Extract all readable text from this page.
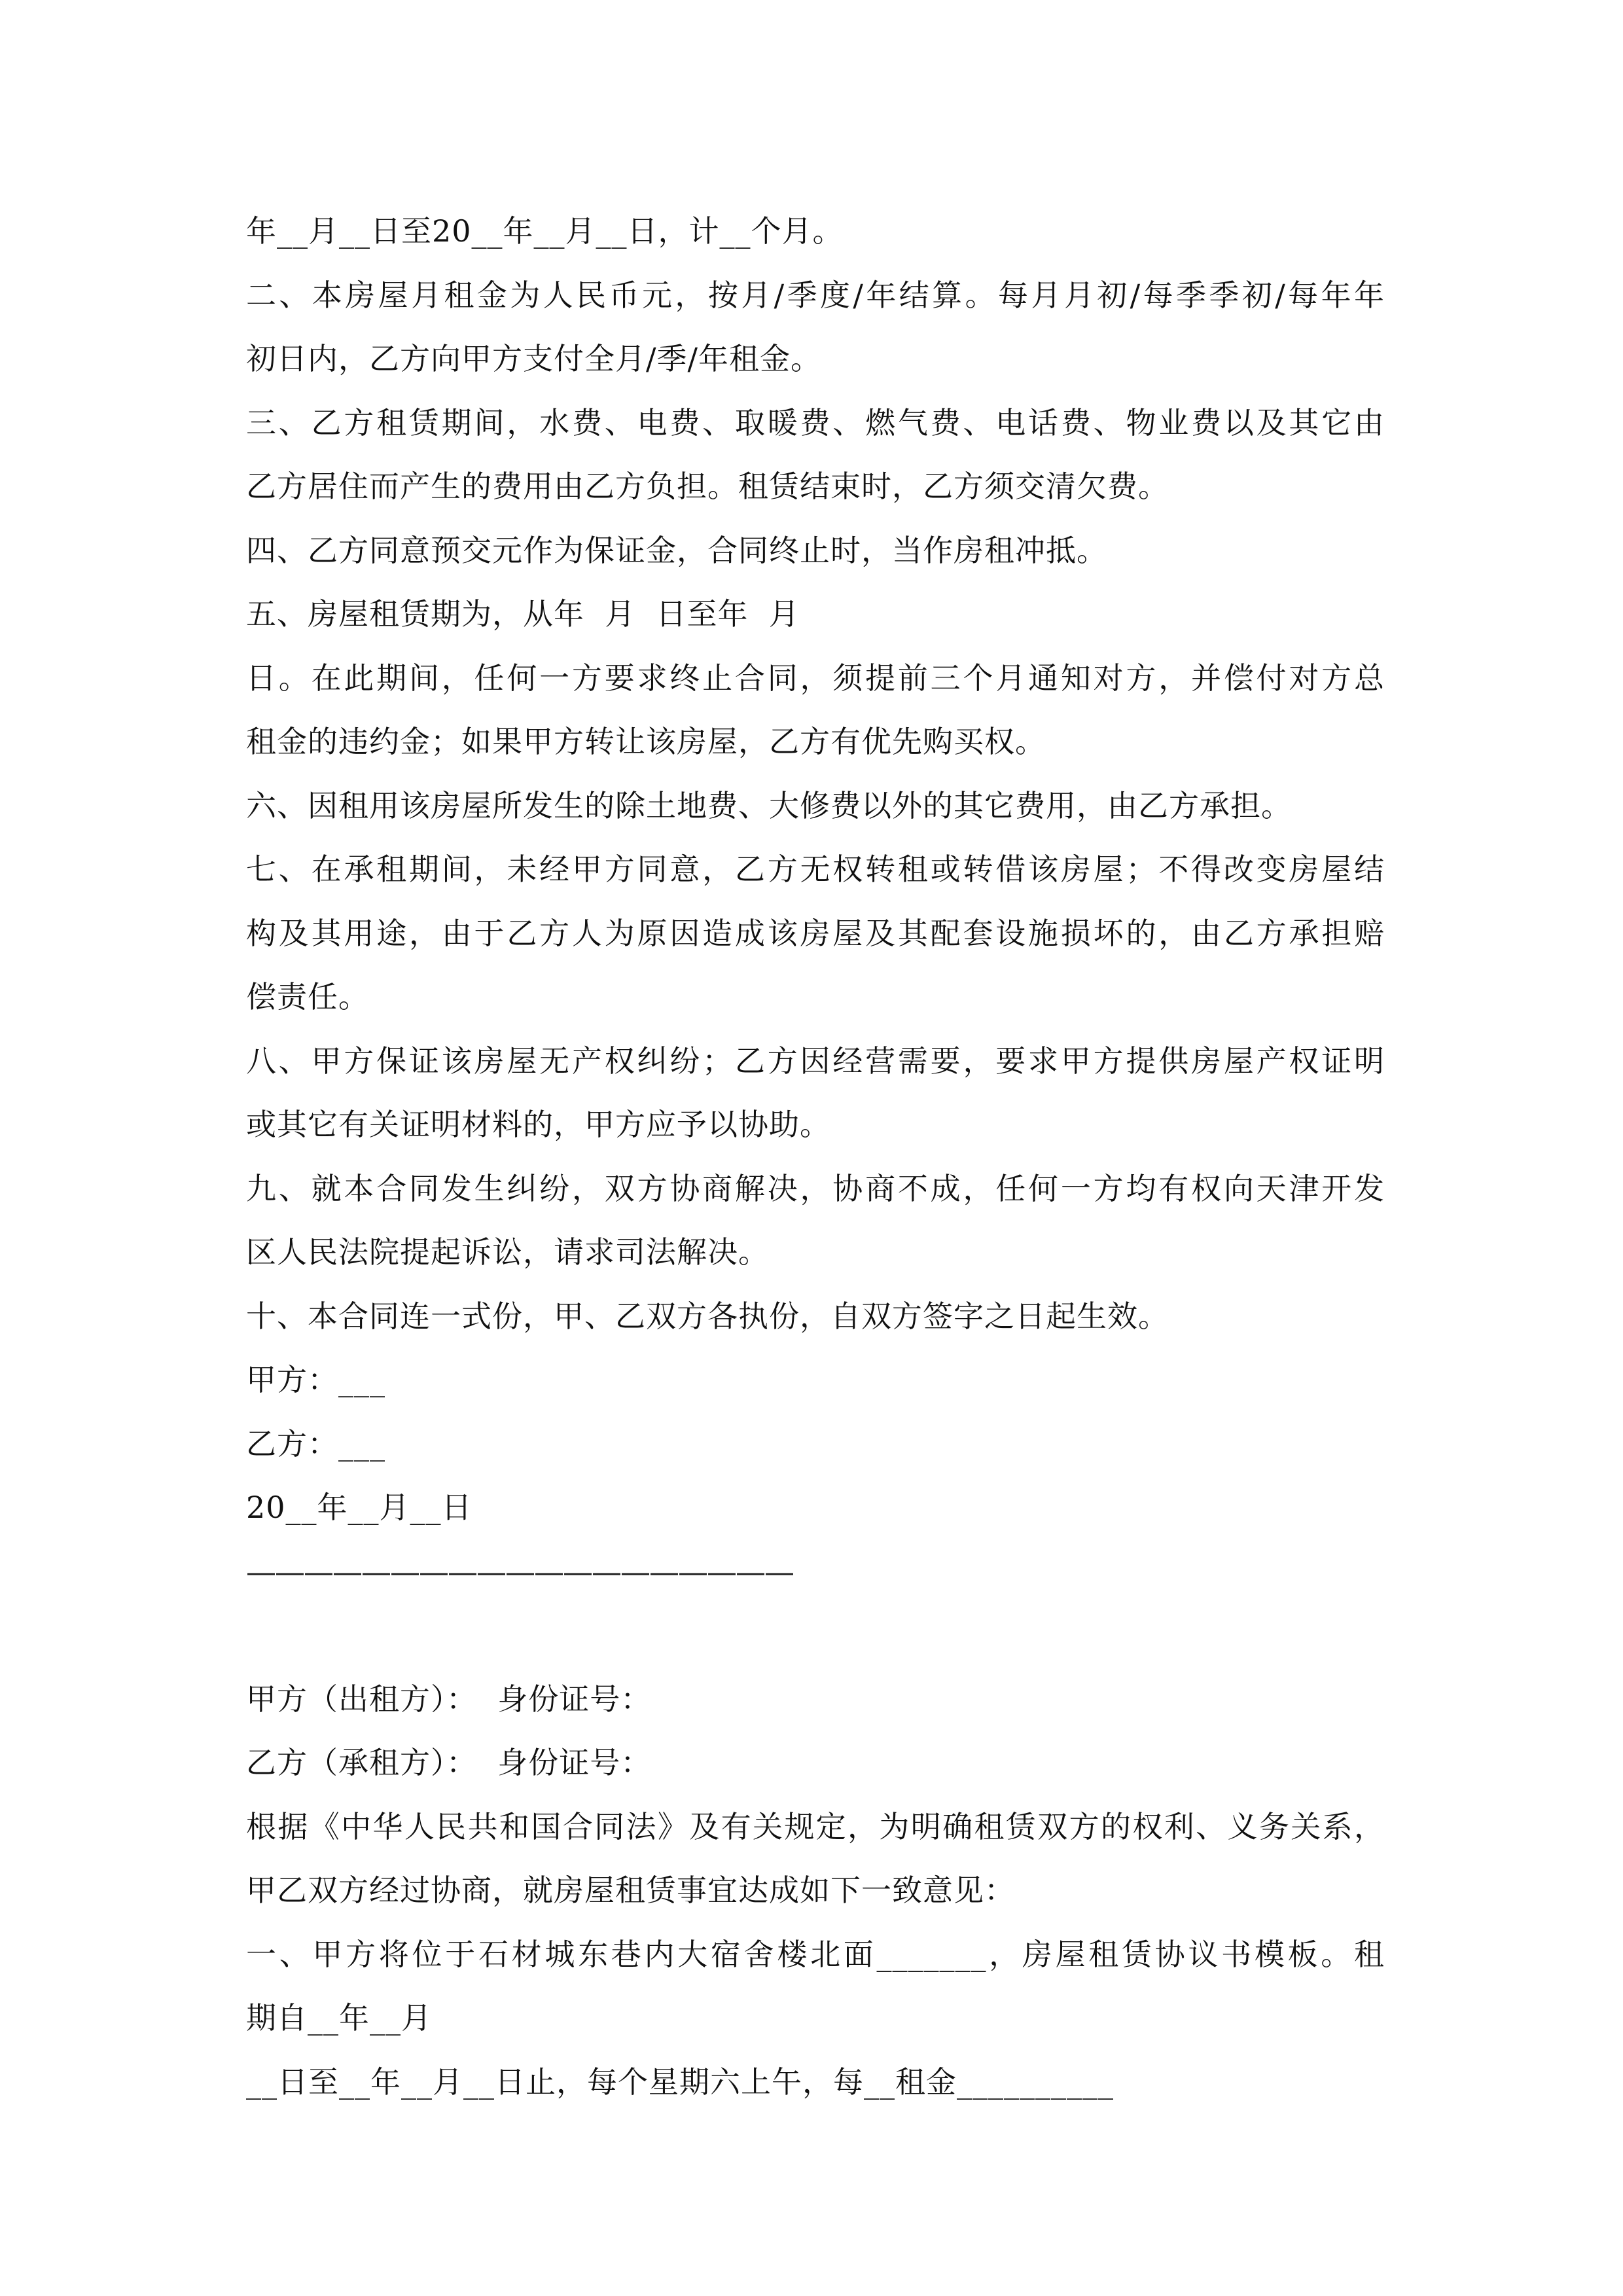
年__月__日至20__年__月__日，计__个月。
二、本房屋月租金为人民币元，按月/季度/年结算。每月月初/每季季初/每年年
初日内，乙方向甲方支付全月/季/年租金。
三、乙方租赁期间，水费、电费、取暖费、燃气费、电话费、物业费以及其它由
乙方居住而产生的费用由乙方负担。租赁结束时，乙方须交清欠费。
四、乙方同意预交元作为保证金，合同终止时，当作房租冲抵。
五、房屋租赁期为，从年  月  日至年  月
日。在此期间，任何一方要求终止合同，须提前三个月通知对方，并偿付对方总
租金的违约金；如果甲方转让该房屋，乙方有优先购买权。
六、因租用该房屋所发生的除土地费、大修费以外的其它费用，由乙方承担。
七、在承租期间，未经甲方同意，乙方无权转租或转借该房屋；不得改变房屋结
构及其用途，由于乙方人为原因造成该房屋及其配套设施损坏的，由乙方承担赔
偿责任。
八、甲方保证该房屋无产权纠纷；乙方因经营需要，要求甲方提供房屋产权证明
或其它有关证明材料的，甲方应予以协助。
九、就本合同发生纠纷，双方协商解决，协商不成，任何一方均有权向天津开发
区人民法院提起诉讼，请求司法解决。
十、本合同连一式份，甲、乙双方各执份，自双方签字之日起生效。
甲方：___
乙方：___
20__年__月__日
———————————————————
甲方（出租方）：  身份证号：
乙方（承租方）：  身份证号：
根据《中华人民共和国合同法》及有关规定，为明确租赁双方的权利、义务关系，
甲乙双方经过协商，就房屋租赁事宜达成如下一致意见：
一、甲方将位于石材城东巷内大宿舍楼北面_______，房屋租赁协议书模板。租
期自__年__月
__日至__年__月__日止，每个星期六上午，每__租金__________
